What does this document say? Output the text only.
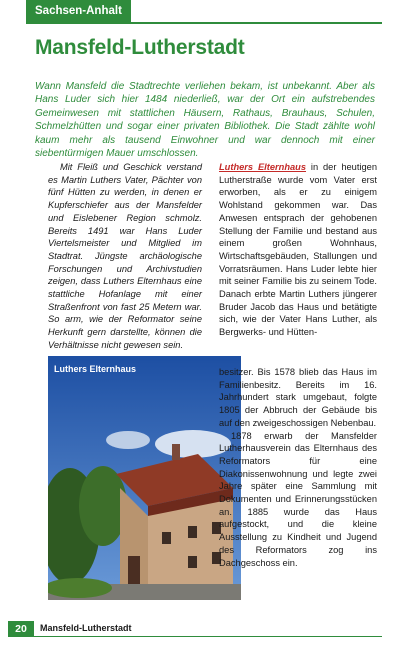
Sachsen-Anhalt
Mansfeld-Lutherstadt

Wann Mansfeld die Stadtrechte verliehen bekam, ist unbekannt. Aber als Hans Luder sich hier 1484 niederließ, war der Ort ein aufstrebendes Gemeinwesen mit stattlichen Häusern, Rathaus, Brauhaus, Schulen, Schmelzhütten und sogar einer privaten Bibliothek. Die Stadt zählte wohl kaum mehr als tausend Einwohner und war dennoch mit einer siebentürmigen Mauer umschlossen.

Mit Fleiß und Geschick verstand es Martin Luthers Vater, Pächter von fünf Hütten zu werden, in denen er Kupferschiefer aus der Mansfelder und Eislebener Region schmolz. Bereits 1491 war Hans Luder Viertelsmeister und Mitglied im Stadtrat. Jüngste archäologische Forschungen und Archivstudien zeigen, dass Luthers Elternhaus eine stattliche Hofanlage mit einer Straßenfront von fast 25 Metern war. So arm, wie der Reformator seine Herkunft gern darstellte, können die Verhältnisse nicht gewesen sein.

Luthers Elternhaus in der heutigen Lutherstraße wurde vom Vater erst erworben, als er zu einigem Wohlstand gekommen war. Das Anwesen entsprach der gehobenen Stellung der Familie und bestand aus einem großen Wohnhaus, Wirtschaftsgebäuden, Stallungen und Vorratsräumen. Hans Luder lebte hier mit seiner Familie bis zu seinem Tode. Danach erbte Martin Luthers jüngerer Bruder Jacob das Haus und betätigte sich, wie der Vater Hans Luther, als Bergwerks- und Hütten-

Luthers Elternhaus	besitzer. Bis 1578 blieb das Haus im Familienbesitz. Bereits im 16. Jahrhundert stark umgebaut, folgte 1805 der Abbruch der Gebäude bis auf den zweigeschossigen Nebenbau.
1878 erwarb der Mansfelder Lutherhausverein das Elternhaus des Reformators für eine Diakonissenwohnung und legte zwei Jahre später eine Sammlung mit Dokumenten und Erinnerungsstücken an. 1885 wurde das Haus aufgestockt, und die kleine Ausstellung zu Kindheit und Jugend des Reformators zog ins Dachgeschoss ein.

20	Mansfeld-Lutherstadt
